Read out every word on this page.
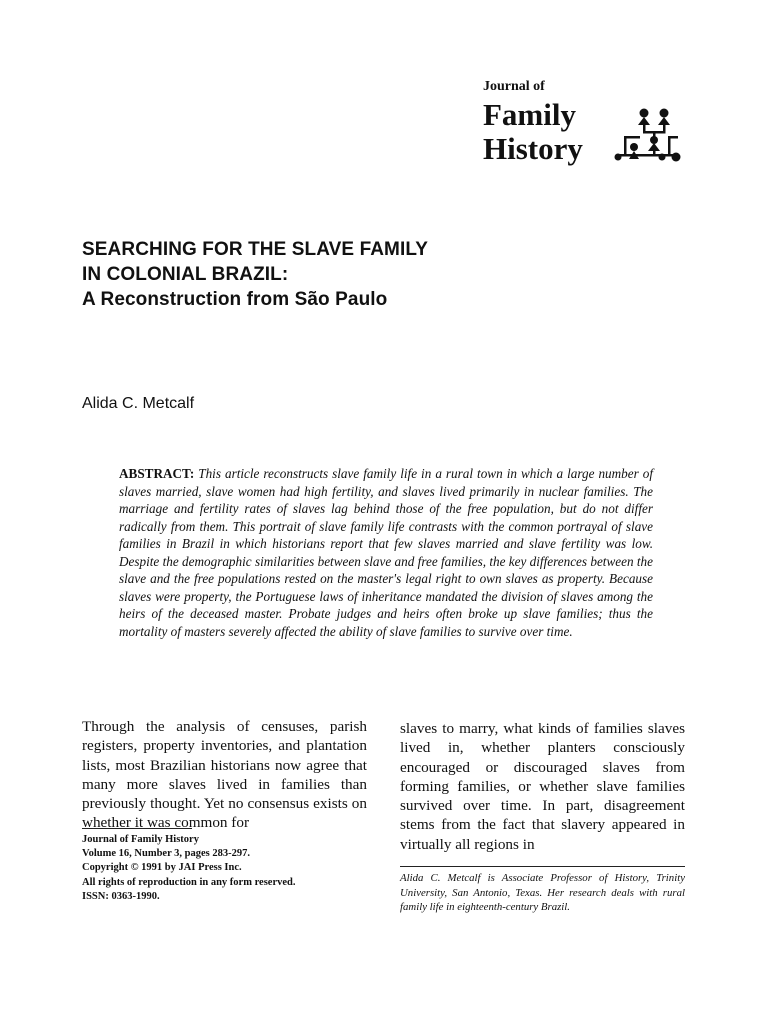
Journal of
Family
History
SEARCHING FOR THE SLAVE FAMILY
IN COLONIAL BRAZIL:
A Reconstruction from São Paulo
Alida C. Metcalf
ABSTRACT: This article reconstructs slave family life in a rural town in which a large number of slaves married, slave women had high fertility, and slaves lived primarily in nuclear families. The marriage and fertility rates of slaves lag behind those of the free population, but do not differ radically from them. This portrait of slave family life contrasts with the common portrayal of slave families in Brazil in which historians report that few slaves married and slave fertility was low. Despite the demographic similarities between slave and free families, the key differences between the slave and the free populations rested on the master's legal right to own slaves as property. Because slaves were property, the Portuguese laws of inheritance mandated the division of slaves among the heirs of the deceased master. Probate judges and heirs often broke up slave families; thus the mortality of masters severely affected the ability of slave families to survive over time.
Through the analysis of censuses, parish registers, property inventories, and plantation lists, most Brazilian historians now agree that many more slaves lived in families than previously thought. Yet no consensus exists on whether it was common for
slaves to marry, what kinds of families slaves lived in, whether planters consciously encouraged or discouraged slaves from forming families, or whether slave families survived over time. In part, disagreement stems from the fact that slavery appeared in virtually all regions in
Journal of Family History
Volume 16, Number 3, pages 283-297.
Copyright © 1991 by JAI Press Inc.
All rights of reproduction in any form reserved.
ISSN: 0363-1990.
Alida C. Metcalf is Associate Professor of History, Trinity University, San Antonio, Texas. Her research deals with rural family life in eighteenth-century Brazil.
